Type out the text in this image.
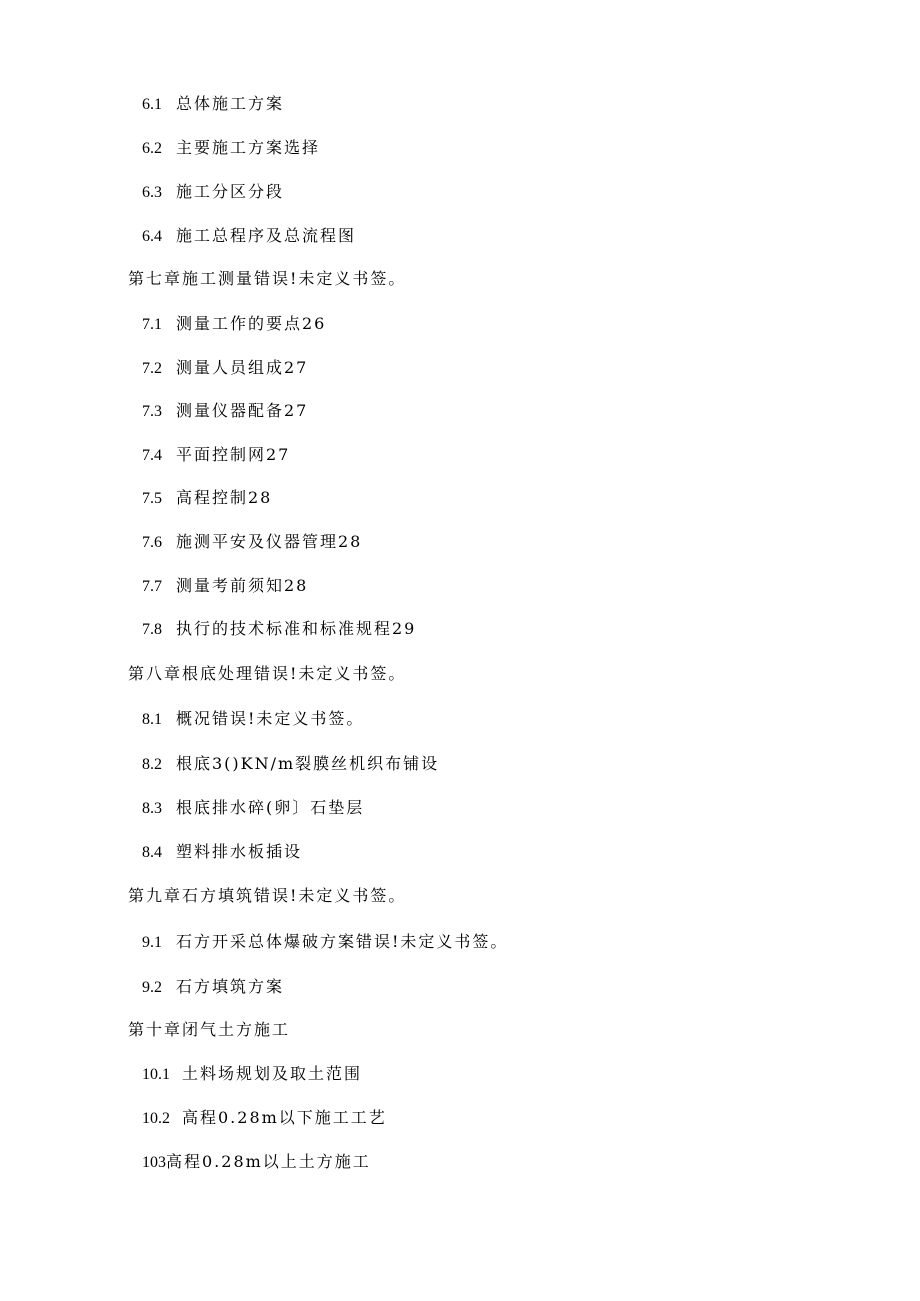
6.1 总体施工方案
6.2 主要施工方案选择
6.3 施工分区分段
6.4 施工总程序及总流程图
第七章施工测量错误!未定义书签。
7.1 测量工作的要点26
7.2 测量人员组成27
7.3 测量仪器配备27
7.4 平面控制网27
7.5 高程控制28
7.6 施测平安及仪器管理28
7.7 测量考前须知28
7.8 执行的技术标准和标准规程29
第八章根底处理错误!未定义书签。
8.1 概况错误!未定义书签。
8.2 根底3()KN/m裂膜丝机织布铺设
8.3 根底排水碎(卵〕石垫层
8.4 塑料排水板插设
第九章石方填筑错误!未定义书签。
9.1 石方开采总体爆破方案错误!未定义书签。
9.2 石方填筑方案
第十章闭气土方施工
10.1 土料场规划及取土范围
10.2 高程0.28m以下施工工艺
103高程0.28m以上土方施工
